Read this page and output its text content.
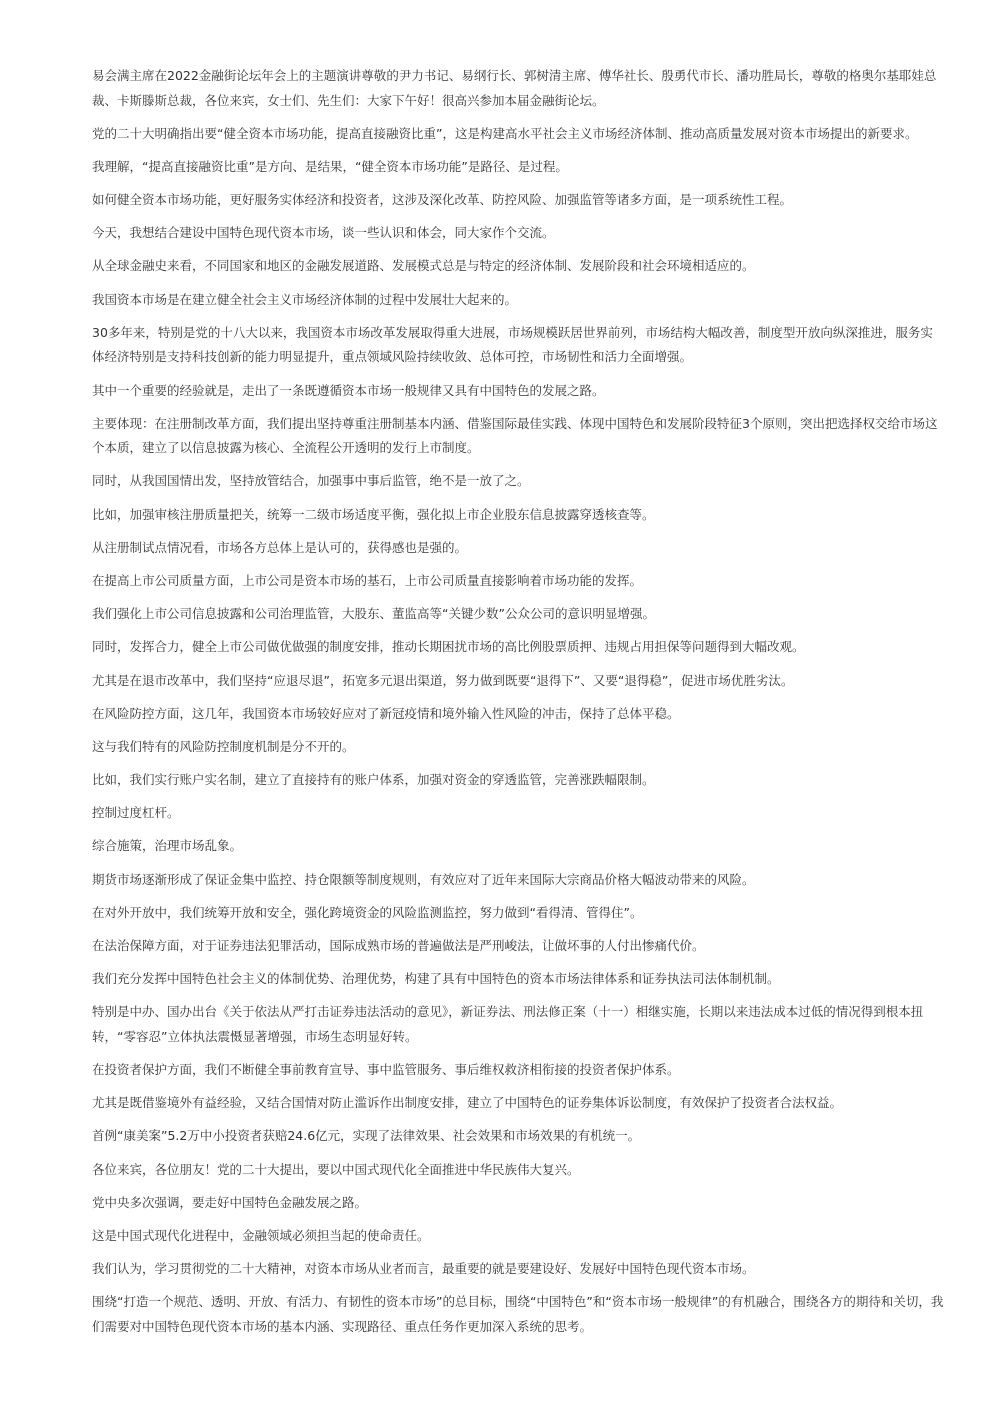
易会满主席在2022金融街论坛年会上的主题演讲尊敬的尹力书记、易纲行长、郭树清主席、傅华社长、殷勇代市长、潘功胜局长，尊敬的格奥尔基耶娃总裁、卡斯滕斯总裁，各位来宾，女士们、先生们：大家下午好！很高兴参加本届金融街论坛。

党的二十大明确指出要“健全资本市场功能，提高直接融资比重”，这是构建高水平社会主义市场经济体制、推动高质量发展对资本市场提出的新要求。

我理解，“提高直接融资比重”是方向、是结果，“健全资本市场功能”是路径、是过程。

如何健全资本市场功能，更好服务实体经济和投资者，这涉及深化改革、防控风险、加强监管等诸多方面，是一项系统性工程。

今天，我想结合建设中国特色现代资本市场，谈一些认识和体会，同大家作个交流。

从全球金融史来看，不同国家和地区的金融发展道路、发展模式总是与特定的经济体制、发展阶段和社会环境相适应的。

我国资本市场是在建立健全社会主义市场经济体制的过程中发展壮大起来的。

30多年来，特别是党的十八大以来，我国资本市场改革发展取得重大进展，市场规模跃居世界前列，市场结构大幅改善，制度型开放向纵深推进，服务实体经济特别是支持科技创新的能力明显提升，重点领域风险持续收敛、总体可控，市场韧性和活力全面增强。

其中一个重要的经验就是，走出了一条既遵循资本市场一般规律又具有中国特色的发展之路。

主要体现：在注册制改革方面，我们提出坚持尊重注册制基本内涵、借鉴国际最佳实践、体现中国特色和发展阶段特征3个原则，突出把选择权交给市场这个本质，建立了以信息披露为核心、全流程公开透明的发行上市制度。

同时，从我国国情出发，坚持放管结合，加强事中事后监管，绝不是一放了之。

比如，加强审核注册质量把关，统筹一二级市场适度平衡，强化拟上市企业股东信息披露穿透核查等。

从注册制试点情况看，市场各方总体上是认可的，获得感也是强的。

在提高上市公司质量方面，上市公司是资本市场的基石，上市公司质量直接影响着市场功能的发挥。

我们强化上市公司信息披露和公司治理监管，大股东、董监高等“关键少数”公众公司的意识明显增强。

同时，发挥合力，健全上市公司做优做强的制度安排，推动长期困扰市场的高比例股票质押、违规占用担保等问题得到大幅改观。

尤其是在退市改革中，我们坚持“应退尽退”，拓宽多元退出渠道，努力做到既要“退得下”、又要“退得稳”，促进市场优胜劣汰。

在风险防控方面，这几年，我国资本市场较好应对了新冠疫情和境外输入性风险的冲击，保持了总体平稳。

这与我们特有的风险防控制度机制是分不开的。

比如，我们实行账户实名制，建立了直接持有的账户体系，加强对资金的穿透监管，完善涨跌幅限制。

控制过度杠杆。

综合施策，治理市场乱象。

期货市场逐渐形成了保证金集中监控、持仓限额等制度规则，有效应对了近年来国际大宗商品价格大幅波动带来的风险。

在对外开放中，我们统筹开放和安全，强化跨境资金的风险监测监控，努力做到“看得清、管得住”。

在法治保障方面，对于证券违法犯罪活动，国际成熟市场的普遍做法是严刑峻法，让做坏事的人付出惨痛代价。

我们充分发挥中国特色社会主义的体制优势、治理优势，构建了具有中国特色的资本市场法律体系和证券执法司法体制机制。

特别是中办、国办出台《关于依法从严打击证券违法活动的意见》，新证券法、刑法修正案（十一）相继实施，长期以来违法成本过低的情况得到根本扭转，“零容忍”立体执法震慑显著增强，市场生态明显好转。

在投资者保护方面，我们不断健全事前教育宣导、事中监管服务、事后维权救济相衔接的投资者保护体系。

尤其是既借鉴境外有益经验，又结合国情对防止滥诉作出制度安排，建立了中国特色的证券集体诉讼制度，有效保护了投资者合法权益。

首例“康美案”5.2万中小投资者获赔24.6亿元，实现了法律效果、社会效果和市场效果的有机统一。

各位来宾，各位朋友！党的二十大提出，要以中国式现代化全面推进中华民族伟大复兴。

党中央多次强调，要走好中国特色金融发展之路。

这是中国式现代化进程中，金融领域必须担当起的使命责任。

我们认为，学习贯彻党的二十大精神，对资本市场从业者而言，最重要的就是要建设好、发展好中国特色现代资本市场。

围绕“打造一个规范、透明、开放、有活力、有韧性的资本市场”的总目标，围绕“中国特色”和“资本市场一般规律”的有机融合，围绕各方的期待和关切，我们需要对中国特色现代资本市场的基本内涵、实现路径、重点任务作更加深入系统的思考。
